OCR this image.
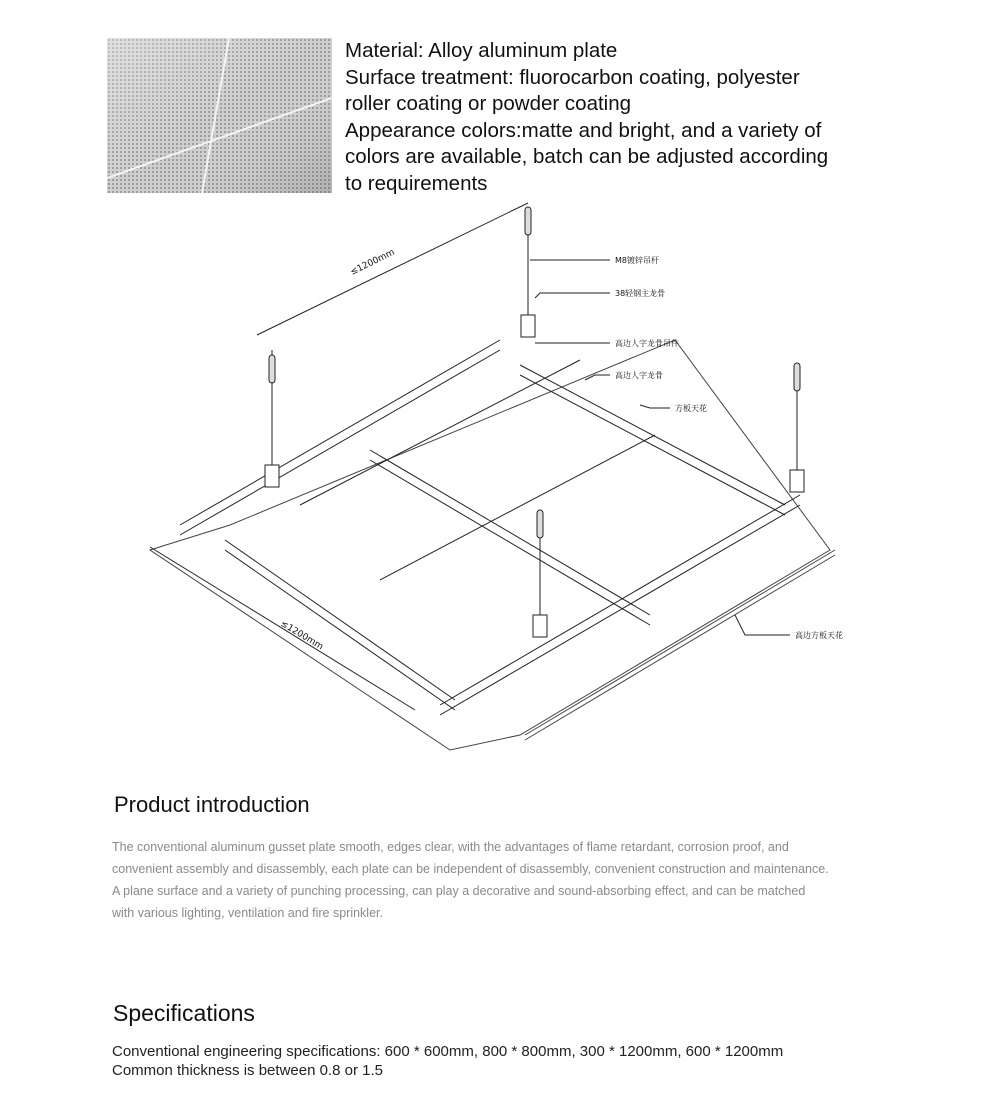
Material: Alloy aluminum plate
Surface treatment: fluorocarbon coating, polyester
roller coating or powder coating
Appearance colors:matte and bright, and a variety of
colors are available, batch can be adjusted according
to requirements
≤1200mm
≤1200mm
M8镀锌吊杆
38轻钢主龙骨
高边人字龙骨吊件
高边人字龙骨
方板天花
高边方板天花
Product introduction
The conventional aluminum gusset plate smooth, edges clear, with the advantages of flame retardant, corrosion proof, and
convenient assembly and disassembly, each plate can be independent of disassembly, convenient construction and maintenance.
A plane surface and a variety of punching processing, can play a decorative and sound-absorbing effect, and can be matched
with various lighting, ventilation and fire sprinkler.
Specifications
Conventional engineering specifications: 600 * 600mm, 800 * 800mm, 300 * 1200mm, 600 * 1200mm
Common thickness is between 0.8 or 1.5
